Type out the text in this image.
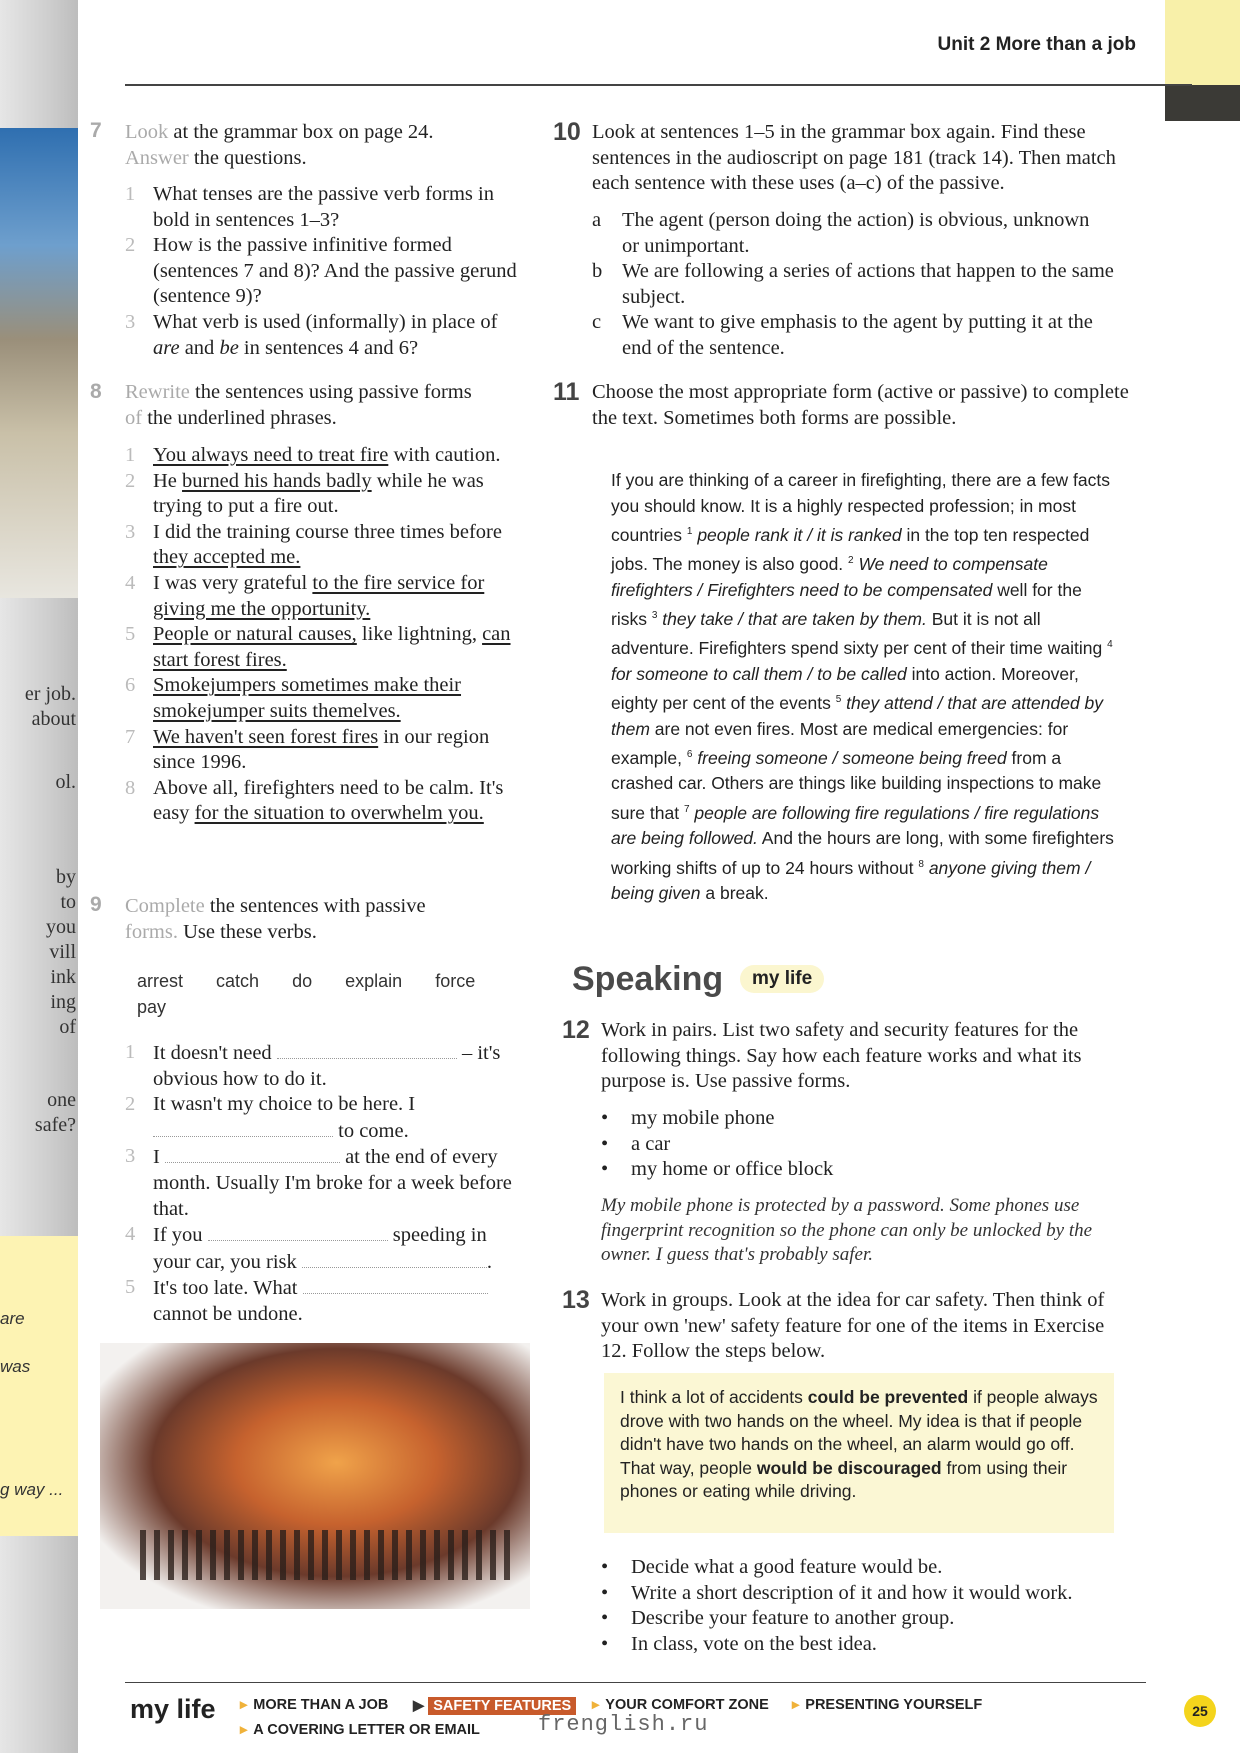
er job.
about
ol.
by
to
you
vill
ink
ing
of
one
safe?
are
was
g way ...
Unit 2 More than a job
7 Look at the grammar box on page 24.
Answer the questions.
1 What tenses are the passive verb forms in bold in sentences 1–3?
2 How is the passive infinitive formed (sentences 7 and 8)? And the passive gerund (sentence 9)?
3 What verb is used (informally) in place of are and be in sentences 4 and 6?
8 Rewrite the sentences using passive forms
of the underlined phrases.
1 You always need to treat fire with caution.
2 He burned his hands badly while he was trying to put a fire out.
3 I did the training course three times before they accepted me.
4 I was very grateful to the fire service for giving me the opportunity.
5 People or natural causes, like lightning, can start forest fires.
6 Smokejumpers sometimes make their smokejumper suits themelves.
7 We haven't seen forest fires in our region since 1996.
8 Above all, firefighters need to be calm. It's easy for the situation to overwhelm you.
9 Complete the sentences with passive
forms. Use these verbs.
arrest catch do explain force
pay
1 It doesn't need	– it's
obvious how to do it.
2 It wasn't my choice to be here. I
to come.
3 I	at the end of every
month. Usually I'm broke for a week before that.
4 If you	speeding in
your car, you risk	.
5 It's too late. What
cannot be undone.
10 Look at sentences 1–5 in the grammar box again. Find these sentences in the audioscript on page 181 (track 14). Then match each sentence with these uses (a–c) of the passive.
a	The agent (person doing the action) is obvious, unknown or unimportant.
b We are following a series of actions that happen to the same subject.
c	We want to give emphasis to the agent by putting it at the end of the sentence.
11 Choose the most appropriate form (active or passive) to complete the text. Sometimes both forms are possible.
If you are thinking of a career in firefighting, there are a few facts you should know. It is a highly respected profession; in most countries $^1$ people rank it / it is ranked in the top ten respected jobs. The money is also good. $^2$ We need to compensate firefighters / Firefighters need to be compensated well for the risks $^3$ they take / that are taken by them. But it is not all adventure. Firefighters spend sixty per cent of their time waiting $^4$ for someone to call them / to be called into action. Moreover, eighty per cent of the events $^5$ they attend / that are attended by them are not even fires. Most are medical emergencies: for example, $^6$ freeing someone / someone being freed from a crashed car. Others are things like building inspections to make sure that $^7$ people are following fire regulations / fire regulations are being followed. And the hours are long, with some firefighters working shifts of up to 24 hours without $^8$ anyone giving them / being given a break.
Speaking	my life
12 Work in pairs. List two safety and security features for the following things. Say how each feature works and what its purpose is. Use passive forms.
• my mobile phone
• a car
• my home or office block
My mobile phone is protected by a password. Some phones use fingerprint recognition so the phone can only be unlocked by the owner. I guess that's probably safer.
13 Work in groups. Look at the idea for car safety. Then think of your own 'new' safety feature for one of the items in Exercise 12. Follow the steps below.
I think a lot of accidents could be prevented if people always drove with two hands on the wheel. My idea is that if people didn't have two hands on the wheel, an alarm would go off. That way, people would be discouraged from using their phones or eating while driving.
• Decide what a good feature would be.
• Write a short description of it and how it would work.
• Describe your feature to another group.
• In class, vote on the best idea.
my life ▸ MORE THAN A JOB ▶ SAFETY FEATURES	▸ YOUR COMFORT ZONE ▸ PRESENTING YOURSELF
▸ A COVERING LETTER OR EMAIL	frenglish.ru
25
